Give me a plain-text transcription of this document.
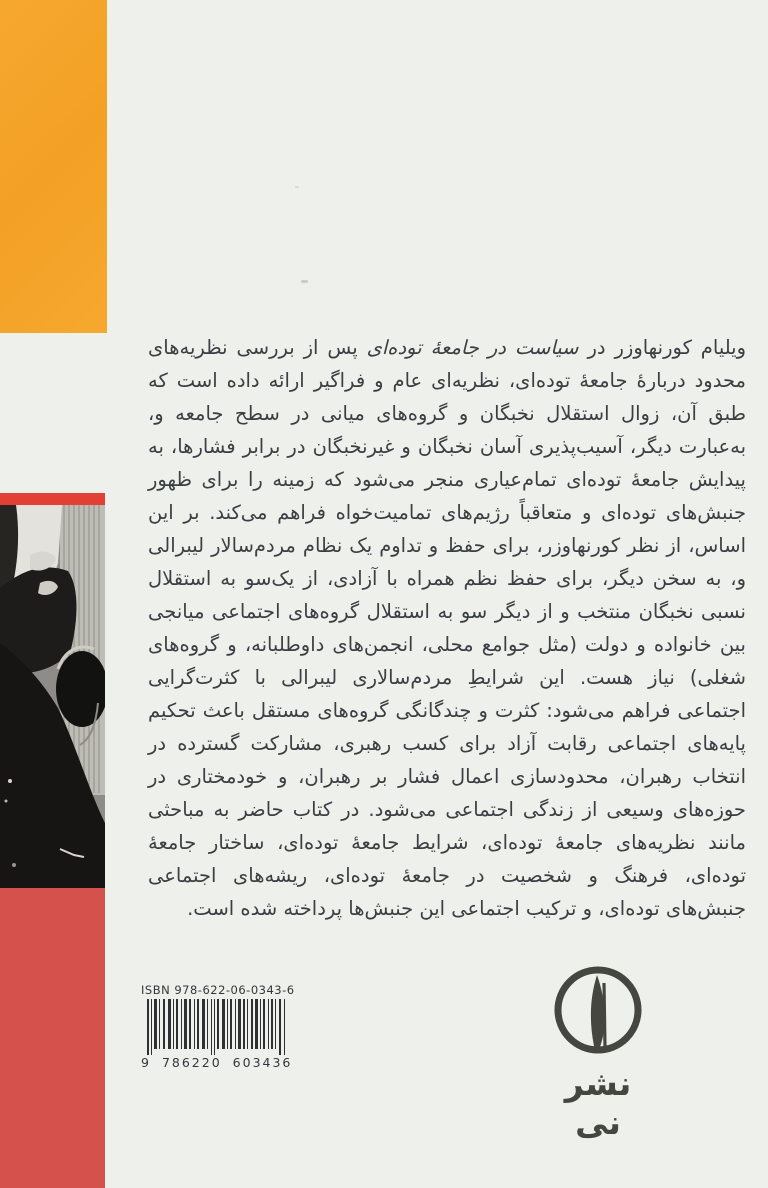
ویلیام کورنهاوزر در سیاست در جامعهٔ توده‌ای پس از بررسی نظریه‌های محدود دربارهٔ جامعهٔ توده‌ای، نظریه‌ای عام و فراگیر ارائه داده است که طبق آن، زوال استقلال نخبگان و گروه‌های میانی در سطح جامعه و، به‌عبارت دیگر، آسیب‌پذیری آسان نخبگان و غیرنخبگان در برابر فشارها، به پیدایش جامعهٔ توده‌ای تمام‌عیاری منجر می‌شود که زمینه را برای ظهور جنبش‌های توده‌ای و متعاقباً رژیم‌های تمامیت‌خواه فراهم می‌کند. بر این اساس، از نظر کورنهاوزر، برای حفظ و تداوم یک نظام مردم‌سالار لیبرالی و، به سخن دیگر، برای حفظ نظم همراه با آزادی، از یک‌سو به استقلال نسبی نخبگان منتخب و از دیگر سو به استقلال گروه‌های اجتماعی میانجی بین خانواده و دولت (مثل جوامع محلی، انجمن‌های داوطلبانه، و گروه‌های شغلی) نیاز هست. این شرایطِ مردم‌سالاری لیبرالی با کثرت‌گرایی اجتماعی فراهم می‌شود: کثرت و چندگانگی گروه‌های مستقل باعث تحکیم پایه‌های اجتماعی رقابت آزاد برای کسب رهبری، مشارکت گسترده در انتخاب رهبران، محدودسازی اعمال فشار بر رهبران، و خودمختاری در حوزه‌های وسیعی از زندگی اجتماعی می‌شود. در کتاب حاضر به مباحثی مانند نظریه‌های جامعهٔ توده‌ای، شرایط جامعهٔ توده‌ای، ساختار جامعهٔ توده‌ای، فرهنگ و شخصیت در جامعهٔ توده‌ای، ریشه‌های اجتماعی جنبش‌های توده‌ای، و ترکیب اجتماعی این جنبش‌ها پرداخته شده است.

ISBN 978-622-06-0343-6
9 786220 603436
نشر نی
